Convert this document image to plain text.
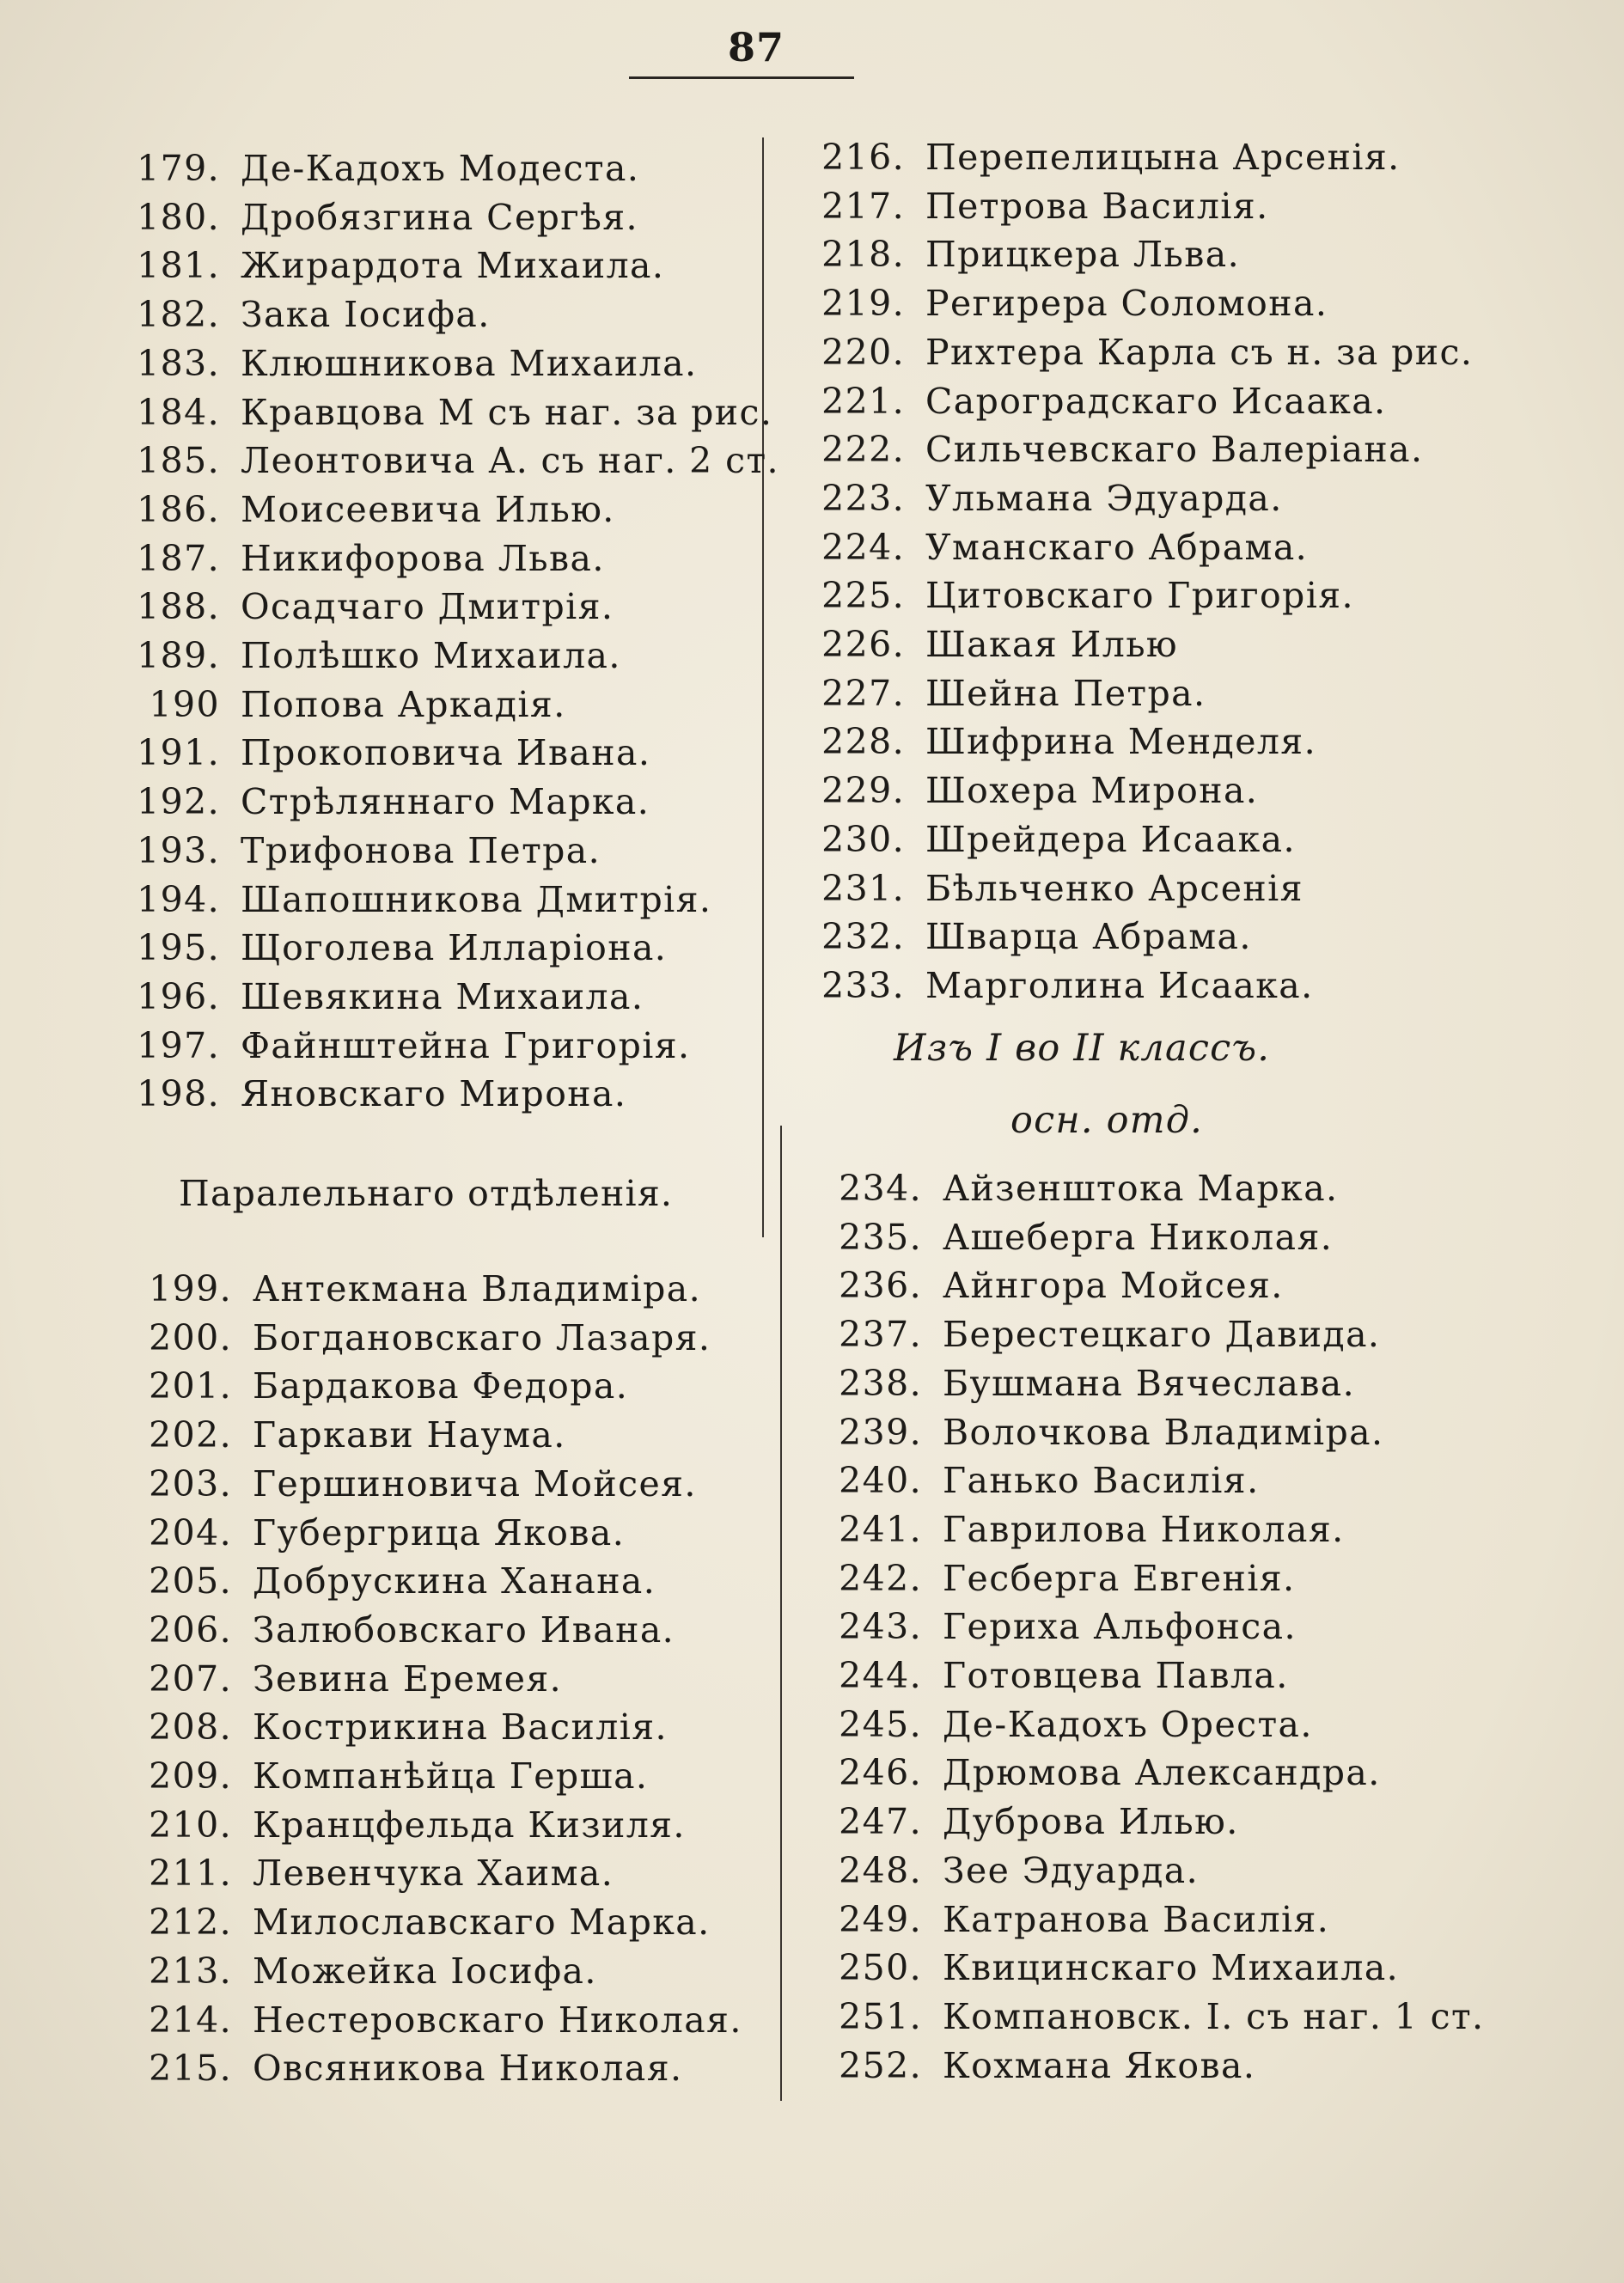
87
179. Де-Кадохъ Модеста.
180. Дробязгина Сергѣя.
181. Жирардота Михаила.
182. Зака Іосифа.
183. Клюшникова Михаила.
184. Кравцова М съ наг. за рис.
185. Леонтовича А. съ наг. 2 ст.
186. Моисеевича Илью.
187. Никифорова Льва.
188. Осадчаго Дмитрія.
189. Полѣшко Михаила.
190 Попова Аркадія.
191. Прокоповича Ивана.
192. Стрѣляннаго Марка.
193. Трифонова Петра.
194. Шапошникова Дмитрія.
195. Щоголева Илларіона.
196. Шевякина Михаила.
197. Файнштейна Григорія.
198. Яновскаго Мирона.
Паралельнаго отдѣленія.
199. Антекмана Владиміра.
200. Богдановскаго Лазаря.
201. Бардакова Федора.
202. Гаркави Наума.
203. Гершиновича Мойсея.
204. Губергрица Якова.
205. Добрускина Ханана.
206. Залюбовскаго Ивана.
207. Зевина Еремея.
208. Кострикина Василія.
209. Компанѣйца Герша.
210. Кранцфельда Кизиля.
211. Левенчука Хаима.
212. Милославскаго Марка.
213. Можейка Іосифа.
214. Нестеровскаго Николая.
215. Овсяникова Николая.
216. Перепелицына Арсенія.
217. Петрова Василія.
218. Прицкера Льва.
219. Регирера Соломона.
220. Рихтера Карла съ н. за рис.
221. Сароградскаго Исаака.
222. Сильчевскаго Валеріана.
223. Ульмана Эдуарда.
224. Уманскаго Абрама.
225. Цитовскаго Григорія.
226. Шакая Илью
227. Шейна Петра.
228. Шифрина Менделя.
229. Шохера Мирона.
230. Шрейдера Исаака.
231. Бѣльченко Арсенія
232. Шварца Абрама.
233. Марголина Исаака.
Изъ I во II классъ.
осн. отд.
234. Айзенштока Марка.
235. Ашеберга Николая.
236. Айнгора Мойсея.
237. Берестецкаго Давида.
238. Бушмана Вячеслава.
239. Волочкова Владиміра.
240. Ганько Василія.
241. Гаврилова Николая.
242. Гесберга Евгенія.
243. Гериха Альфонса.
244. Готовцева Павла.
245. Де-Кадохъ Ореста.
246. Дрюмова Александра.
247. Дуброва Илью.
248. Зее Эдуарда.
249. Катранова Василія.
250. Квицинскаго Михаила.
251. Компановск. I. съ наг. 1 ст.
252. Кохмана Якова.
